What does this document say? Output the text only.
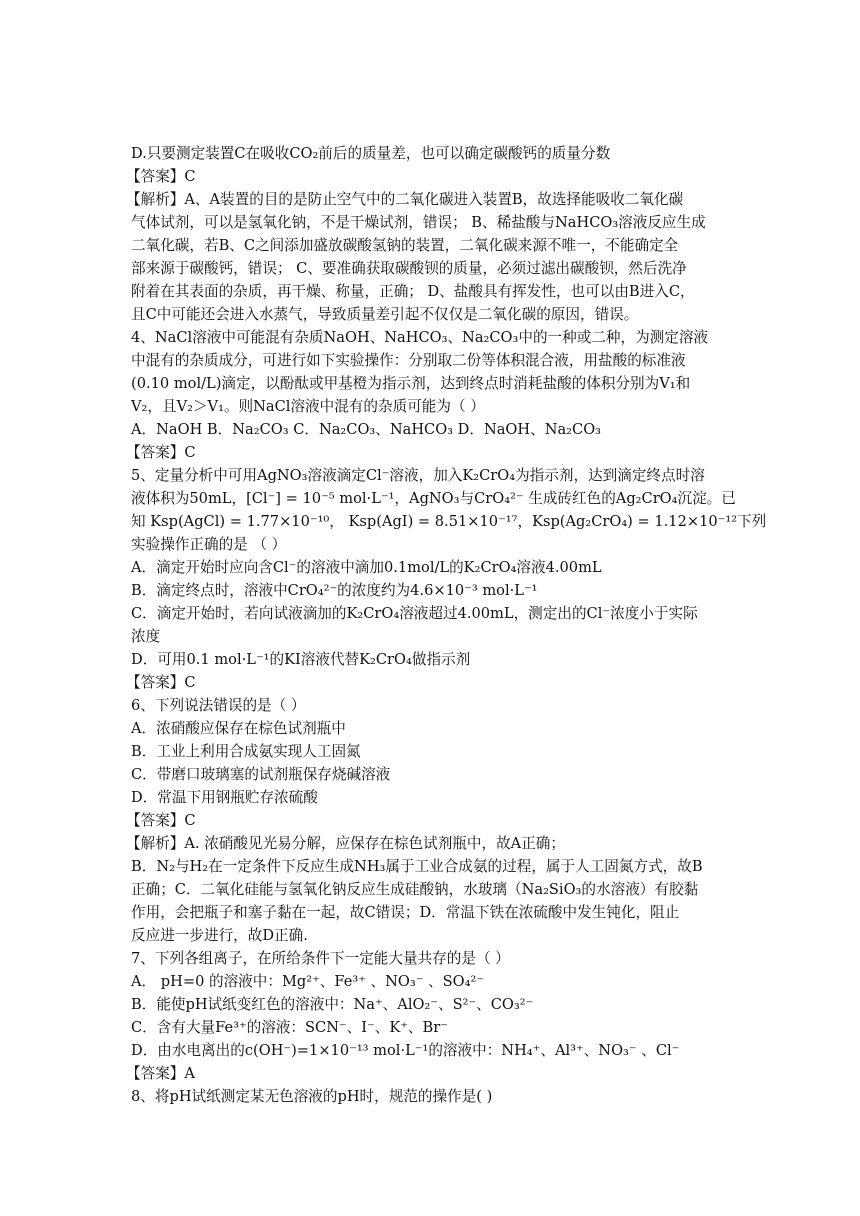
D.只要测定装置C在吸收CO₂前后的质量差，也可以确定碳酸钙的质量分数
【答案】C
【解析】A、A装置的目的是防止空气中的二氧化碳进入装置B，故选择能吸收二氧化碳
气体试剂，可以是氢氧化钠，不是干燥试剂，错误； B、稀盐酸与NaHCO₃溶液反应生成
二氧化碳，若B、C之间添加盛放碳酸氢钠的装置，二氧化碳来源不唯一，不能确定全
部来源于碳酸钙，错误； C、要准确获取碳酸钡的质量，必须过滤出碳酸钡，然后洗净
附着在其表面的杂质，再干燥、称量，正确； D、盐酸具有挥发性，也可以由B进入C，
且C中可能还会进入水蒸气，导致质量差引起不仅仅是二氧化碳的原因，错误。
4、NaCl溶液中可能混有杂质NaOH、NaHCO₃、Na₂CO₃中的一种或二种，为测定溶液
中混有的杂质成分，可进行如下实验操作：分别取二份等体积混合液，用盐酸的标准液
(0.10 mol/L)滴定，以酚酞或甲基橙为指示剂，达到终点时消耗盐酸的体积分别为V₁和
V₂，且V₂＞V₁。则NaCl溶液中混有的杂质可能为（ ）
A．NaOH B．Na₂CO₃ C．Na₂CO₃、NaHCO₃ D．NaOH、Na₂CO₃
【答案】C
5、定量分析中可用AgNO₃溶液滴定Cl⁻溶液，加入K₂CrO₄为指示剂，达到滴定终点时溶
液体积为50mL，[Cl⁻] = 10⁻⁵ mol·L⁻¹，AgNO₃与CrO₄²⁻ 生成砖红色的Ag₂CrO₄沉淀。已
知 Ksp(AgCl) = 1.77×10⁻¹⁰， Ksp(AgI) = 8.51×10⁻¹⁷，Ksp(Ag₂CrO₄) = 1.12×10⁻¹²下列
实验操作正确的是 （ ）
A．滴定开始时应向含Cl⁻的溶液中滴加0.1mol/L的K₂CrO₄溶液4.00mL
B．滴定终点时，溶液中CrO₄²⁻的浓度约为4.6×10⁻³ mol·L⁻¹
C．滴定开始时，若向试液滴加的K₂CrO₄溶液超过4.00mL，测定出的Cl⁻浓度小于实际
浓度
D．可用0.1 mol·L⁻¹的KI溶液代替K₂CrO₄做指示剂
【答案】C
6、下列说法错误的是（ ）
A．浓硝酸应保存在棕色试剂瓶中
B．工业上利用合成氨实现人工固氮
C．带磨口玻璃塞的试剂瓶保存烧碱溶液
D．常温下用钢瓶贮存浓硫酸
【答案】C
【解析】A. 浓硝酸见光易分解，应保存在棕色试剂瓶中，故A正确；
B．N₂与H₂在一定条件下反应生成NH₃属于工业合成氨的过程，属于人工固氮方式，故B
正确；C．二氧化硅能与氢氧化钠反应生成硅酸钠，水玻璃（Na₂SiO₃的水溶液）有胶黏
作用，会把瓶子和塞子黏在一起，故C错误；D．常温下铁在浓硫酸中发生钝化，阻止
反应进一步进行，故D正确.
7、下列各组离子，在所给条件下一定能大量共存的是（ ）
A． pH=0 的溶液中：Mg²⁺、Fe³⁺ 、NO₃⁻ 、SO₄²⁻
B．能使pH试纸变红色的溶液中：Na⁺、AlO₂⁻、S²⁻、CO₃²⁻
C．含有大量Fe³⁺的溶液：SCN⁻、I⁻、K⁺、Br⁻
D．由水电离出的c(OH⁻)=1×10⁻¹³ mol·L⁻¹的溶液中：NH₄⁺、Al³⁺、NO₃⁻ 、Cl⁻
【答案】A
8、将pH试纸测定某无色溶液的pH时，规范的操作是( )
